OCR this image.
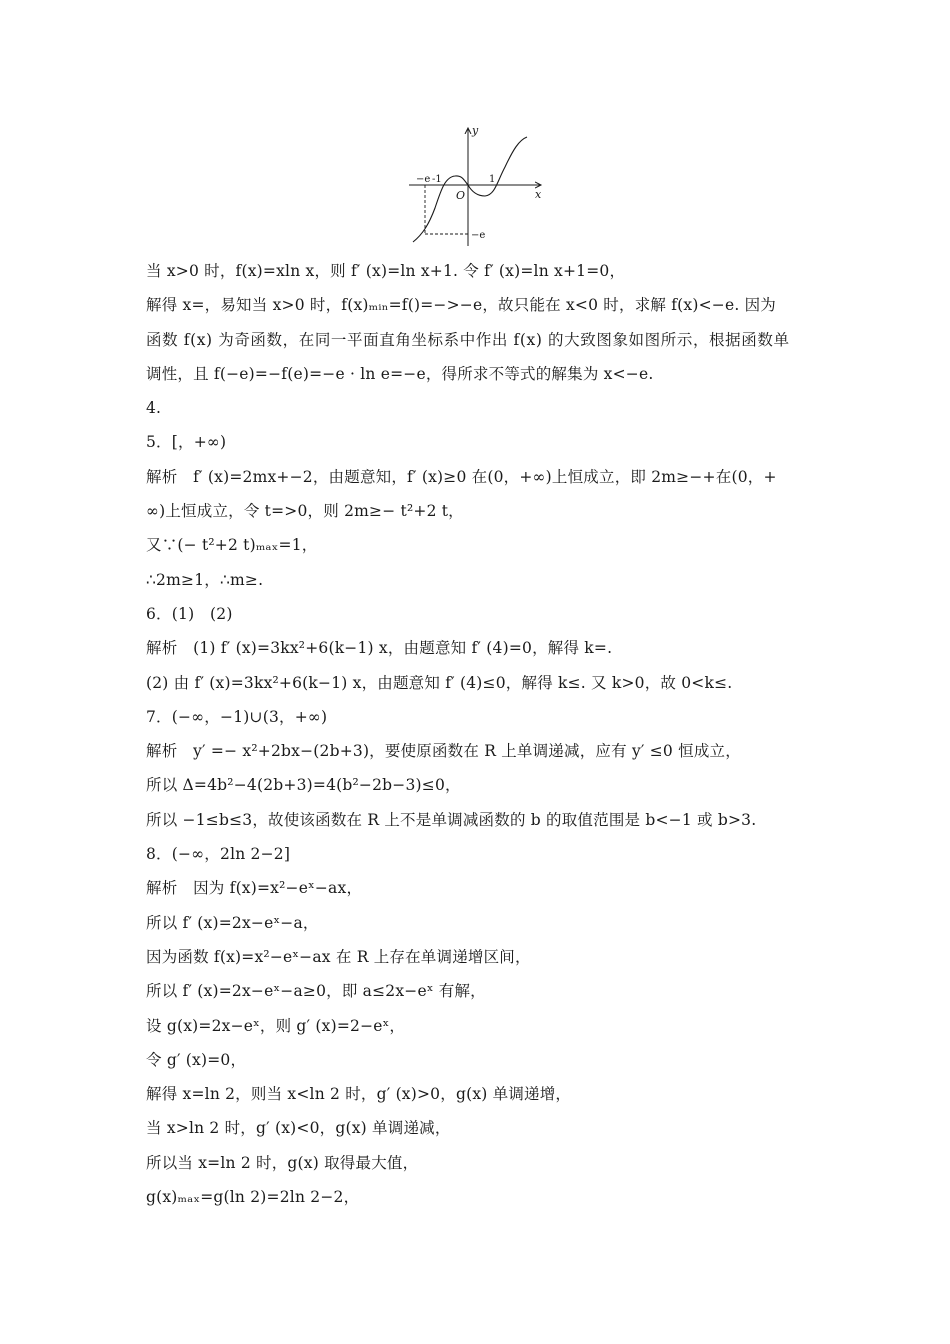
y
x
O
−e -1	1
−e
当 x>0 时，f(x)=xln x，则 f′ (x)=ln x+1. 令 f′ (x)=ln x+1=0，
解得 x=，易知当 x>0 时，f(x)ₘᵢₙ=f()=−>−e，故只能在 x<0 时，求解 f(x)<−e. 因为
函数 f(x) 为奇函数，在同一平面直角坐标系中作出 f(x) 的大致图象如图所示，根据函数单
调性，且 f(−e)=−f(e)=−e · ln e=−e，得所求不等式的解集为 x<−e.
4.
5．[，+∞)
解析　f′ (x)=2mx+−2，由题意知，f′ (x)≥0 在(0，+∞)上恒成立，即 2m≥−+在(0，+
∞)上恒成立，令 t=>0，则 2m≥− t²+2 t，
又∵(− t²+2 t)ₘₐₓ=1，
∴2m≥1，∴m≥.
6．(1)　(2)
解析　(1) f′ (x)=3kx²+6(k−1) x，由题意知 f′ (4)=0，解得 k=.
(2) 由 f′ (x)=3kx²+6(k−1) x，由题意知 f′ (4)≤0，解得 k≤. 又 k>0，故 0<k≤.
7．(−∞，−1)∪(3，+∞)
解析　y′ =− x²+2bx−(2b+3)，要使原函数在 R 上单调递减，应有 y′ ≤0 恒成立，
所以 Δ=4b²−4(2b+3)=4(b²−2b−3)≤0，
所以 −1≤b≤3，故使该函数在 R 上不是单调减函数的 b 的取值范围是 b<−1 或 b>3.
8．(−∞，2ln 2−2]
解析　因为 f(x)=x²−eˣ−ax，
所以 f′ (x)=2x−eˣ−a，
因为函数 f(x)=x²−eˣ−ax 在 R 上存在单调递增区间，
所以 f′ (x)=2x−eˣ−a≥0，即 a≤2x−eˣ 有解，
设 g(x)=2x−eˣ，则 g′ (x)=2−eˣ，
令 g′ (x)=0，
解得 x=ln 2，则当 x<ln 2 时，g′ (x)>0，g(x) 单调递增，
当 x>ln 2 时，g′ (x)<0，g(x) 单调递减，
所以当 x=ln 2 时，g(x) 取得最大值，
g(x)ₘₐₓ=g(ln 2)=2ln 2−2，
